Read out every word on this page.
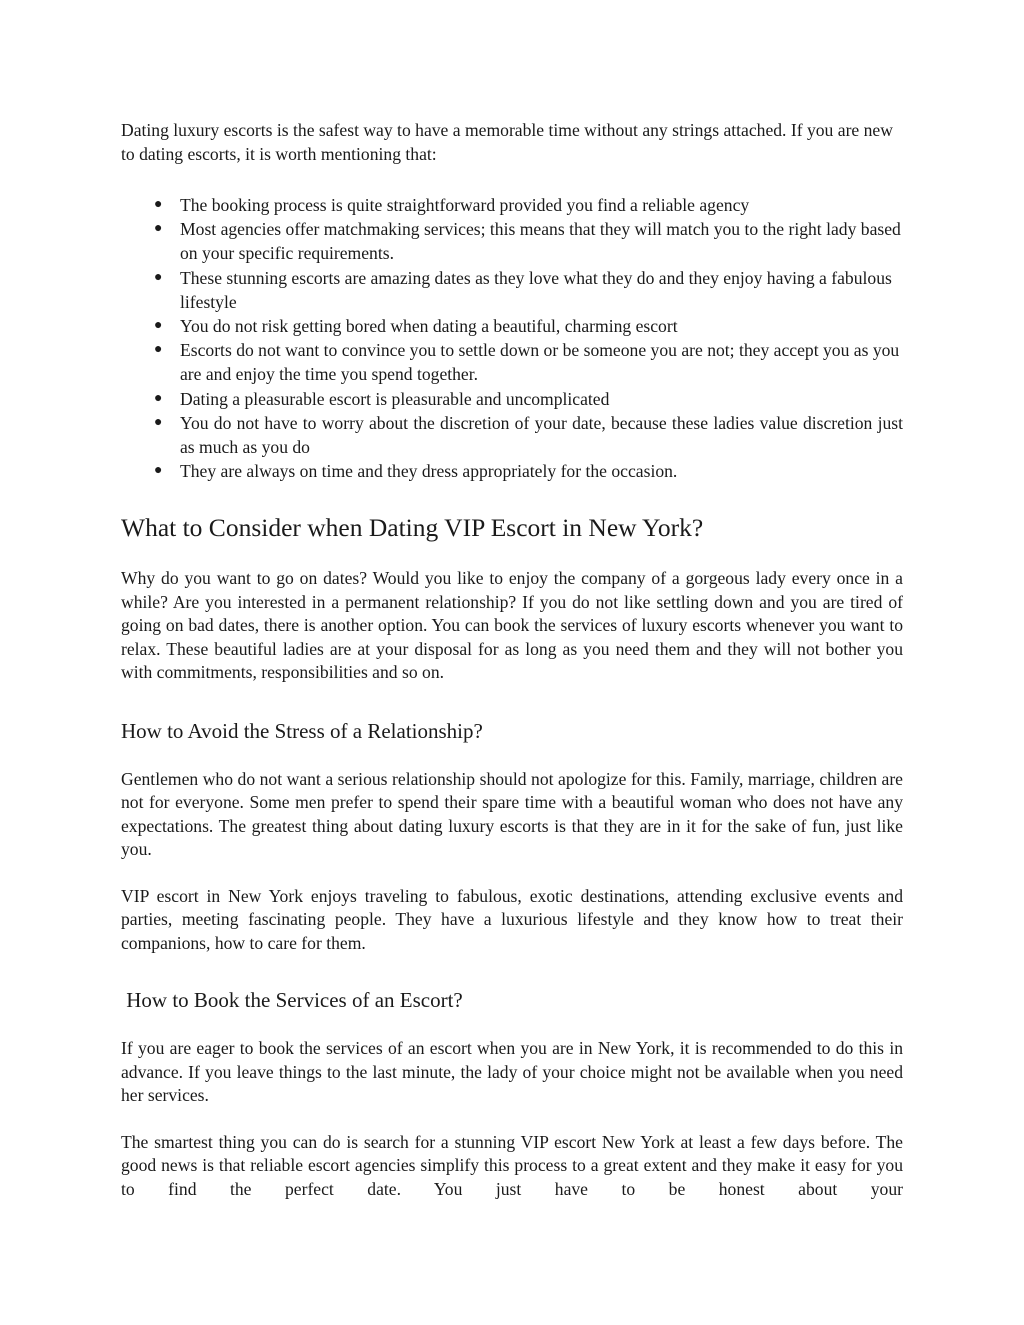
Dating luxury escorts is the safest way to have a memorable time without any strings attached. If you are new to dating escorts, it is worth mentioning that:

● The booking process is quite straightforward provided you find a reliable agency
● Most agencies offer matchmaking services; this means that they will match you to the right lady based on your specific requirements.
● These stunning escorts are amazing dates as they love what they do and they enjoy having a fabulous lifestyle
● You do not risk getting bored when dating a beautiful, charming escort
● Escorts do not want to convince you to settle down or be someone you are not; they accept you as you are and enjoy the time you spend together.
● Dating a pleasurable escort is pleasurable and uncomplicated
● You do not have to worry about the discretion of your date, because these ladies value discretion just as much as you do
● They are always on time and they dress appropriately for the occasion.
What to Consider when Dating VIP Escort in New York?

Why do you want to go on dates? Would you like to enjoy the company of a gorgeous lady every once in a while? Are you interested in a permanent relationship? If you do not like settling down and you are tired of going on bad dates, there is another option. You can book the services of luxury escorts whenever you want to relax. These beautiful ladies are at your disposal for as long as you need them and they will not bother you with commitments, responsibilities and so on.

How to Avoid the Stress of a Relationship?

Gentlemen who do not want a serious relationship should not apologize for this. Family, marriage, children are not for everyone. Some men prefer to spend their spare time with a beautiful woman who does not have any expectations. The greatest thing about dating luxury escorts is that they are in it for the sake of fun, just like you.

VIP escort in New York enjoys traveling to fabulous, exotic destinations, attending exclusive events and parties, meeting fascinating people. They have a luxurious lifestyle and they know how to treat their companions, how to care for them.

How to Book the Services of an Escort?

If you are eager to book the services of an escort when you are in New York, it is recommended to do this in advance. If you leave things to the last minute, the lady of your choice might not be available when you need her services.

The smartest thing you can do is search for a stunning VIP escort New York at least a few days before. The good news is that reliable escort agencies simplify this process to a great extent and they make it easy for you to find the perfect date. You just have to be honest about your
